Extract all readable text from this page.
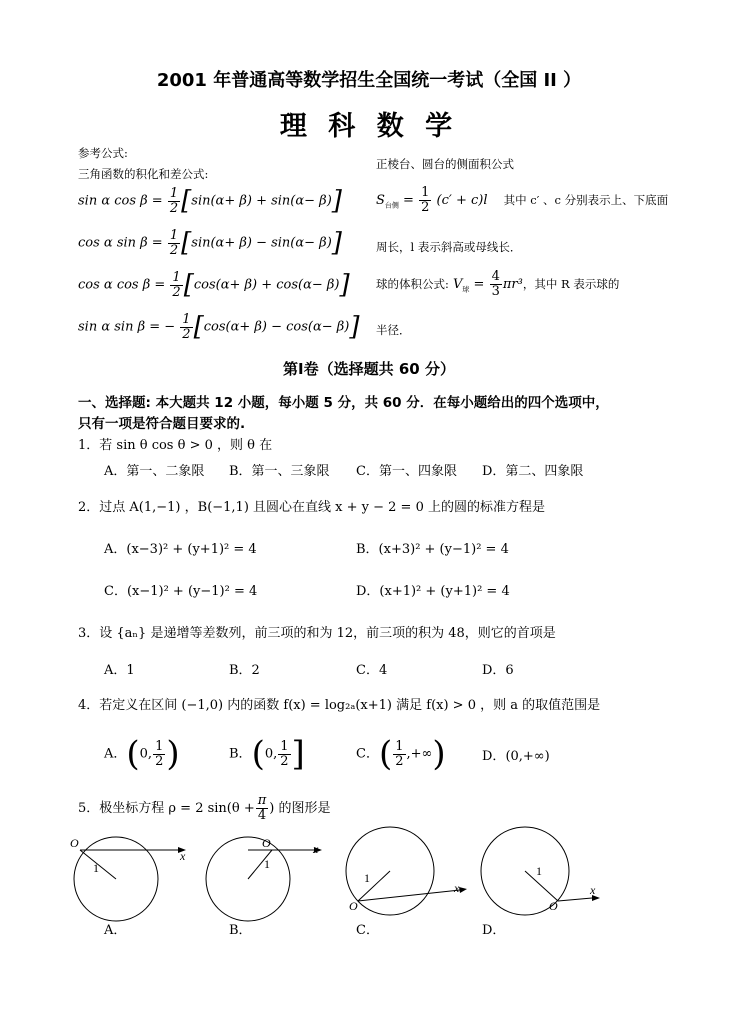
2001 年普通高等数学招生全国统一考试（全国 II ）
理 科 数 学
参考公式:
三角函数的积化和差公式:
sin α $\cos \beta = \frac{1}{2} [\sin(\alpha+ \beta) + \sin(\alpha- \beta)]$
cos α $\sin \beta = \frac{1}{2} [\sin(\alpha+ \beta) - \sin(\alpha- \beta)]$
cos α $\cos \beta = \frac{1}{2} [\cos(\alpha+ \beta) + \cos(\alpha- \beta)]$
sin α sin β = − $\frac{1}{2} [\cos(\alpha+ \beta) - \cos(\alpha- \beta)]$
正棱台、圆台的侧面积公式
$S_{台侧} = \frac{1}{2} (c' + c)l$ 其中 c′ 、c 分别表示上、下底面
周长，l 表示斜高或母线长．
球的体积公式: $V_球 = \frac{4}{3} \pi r^3$，其中 R 表示球的
半径．
第Ⅰ卷（选择题共 60 分）
一、选择题: 本大题共 12 小题，每小题 5 分，共 60 分．在每小题给出的四个选项中，
只有一项是符合题目要求的.
1．若 sin θ cos θ > 0 ，则 θ 在
A．第一、二象限 B．第一、三象限 C．第一、四象限 D．第二、四象限
2．过点 A(1,−1) ，B(−1,1) 且圆心在直线 x + y − 2 = 0 上的圆的标准方程是
A．(x−3)² + (y+1)² = 4	B．(x+3)² + (y−1)² = 4
C．(x−1)² + (y−1)² = 4	D．(x+1)² + (y+1)² = 4
3．设 {aₙ} 是递增等差数列，前三项的和为 12，前三项的积为 48，则它的首项是
A．1	B．2	C．4	D．6
4．若定义在区间 (−1,0) 内的函数 f(x) = log₂ₐ(x+1) 满足 f(x) > 0 ，则 a 的取值范围是
A．(0, $\frac{1}{2}$ )	B．(0, $\frac{1}{2}$ ]	C．( $\frac{1}{2}$ ,+∞)	D．(0,+∞)
5．极坐标方程 ρ = 2 $\sin(\theta + \frac{\pi}{4}$ ) 的图形是
O
x
1
O	x
1
O
x
1
O
x
1
A．	B．	C．	D．
